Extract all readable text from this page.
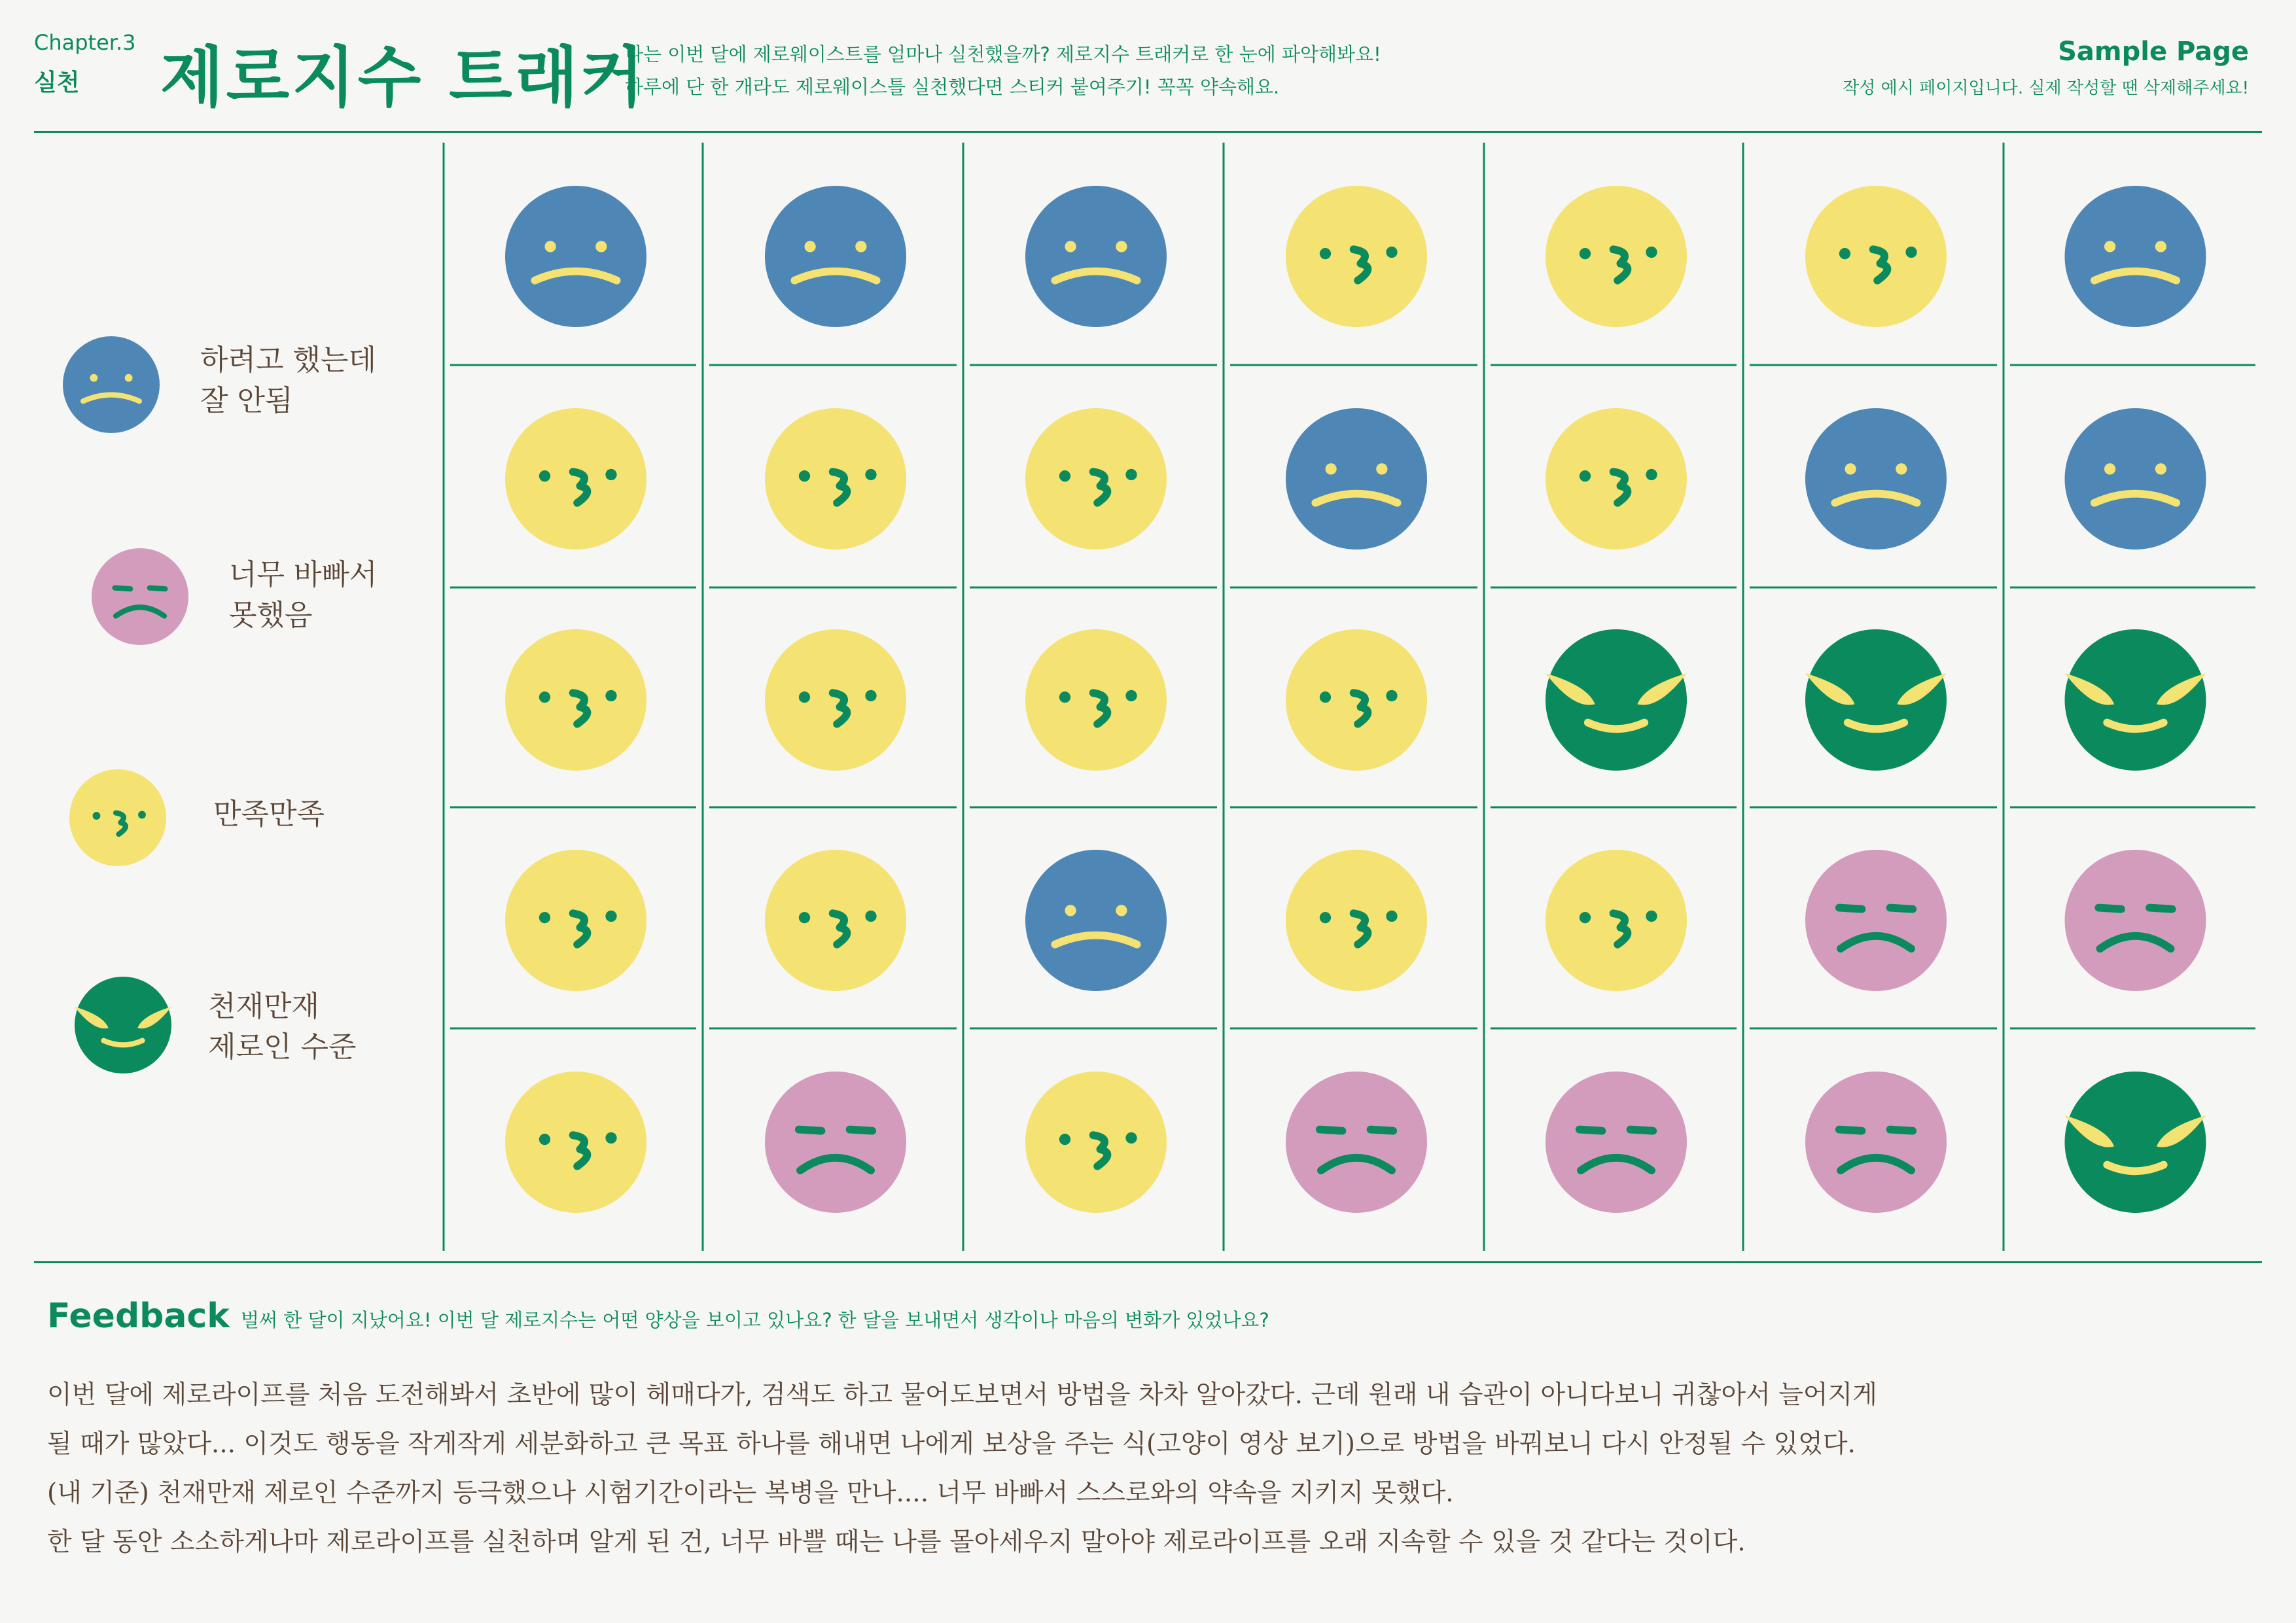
Chapter.3
실천 제로지수 트래커
나는 이번 달에 제로웨이스트를 얼마나 실천했을까? 제로지수 트래커로 한 눈에 파악해봐요!
하루에 단 한 개라도 제로웨이스틀 실천했다면 스티커 붙여주기! 꼭꼭 약속해요.
Sample Page
작성 예시 페이지입니다. 실제 작성할 땐 삭제해주세요!
하려고 했는데
잘 안됨
너무 바빠서
못했음
만족만족
천재만재
제로인 수준
Feedback 벌써 한 달이 지났어요! 이번 달 제로지수는 어떤 양상을 보이고 있나요? 한 달을 보내면서 생각이나 마음의 변화가 있었나요?
이번 달에 제로라이프를 처음 도전해봐서 초반에 많이 헤매다가, 검색도 하고 물어도보면서 방법을 차차 알아갔다. 근데 원래 내 습관이 아니다보니 귀찮아서 늘어지게
될 때가 많았다... 이것도 행동을 작게작게 세분화하고 큰 목표 하나를 해내면 나에게 보상을 주는 식(고양이 영상 보기)으로 방법을 바꿔보니 다시 안정될 수 있었다.
(내 기준) 천재만재 제로인 수준까지 등극했으나 시험기간이라는 복병을 만나.... 너무 바빠서 스스로와의 약속을 지키지 못했다.
한 달 동안 소소하게나마 제로라이프를 실천하며 알게 된 건, 너무 바쁠 때는 나를 몰아세우지 말아야 제로라이프를 오래 지속할 수 있을 것 같다는 것이다.
